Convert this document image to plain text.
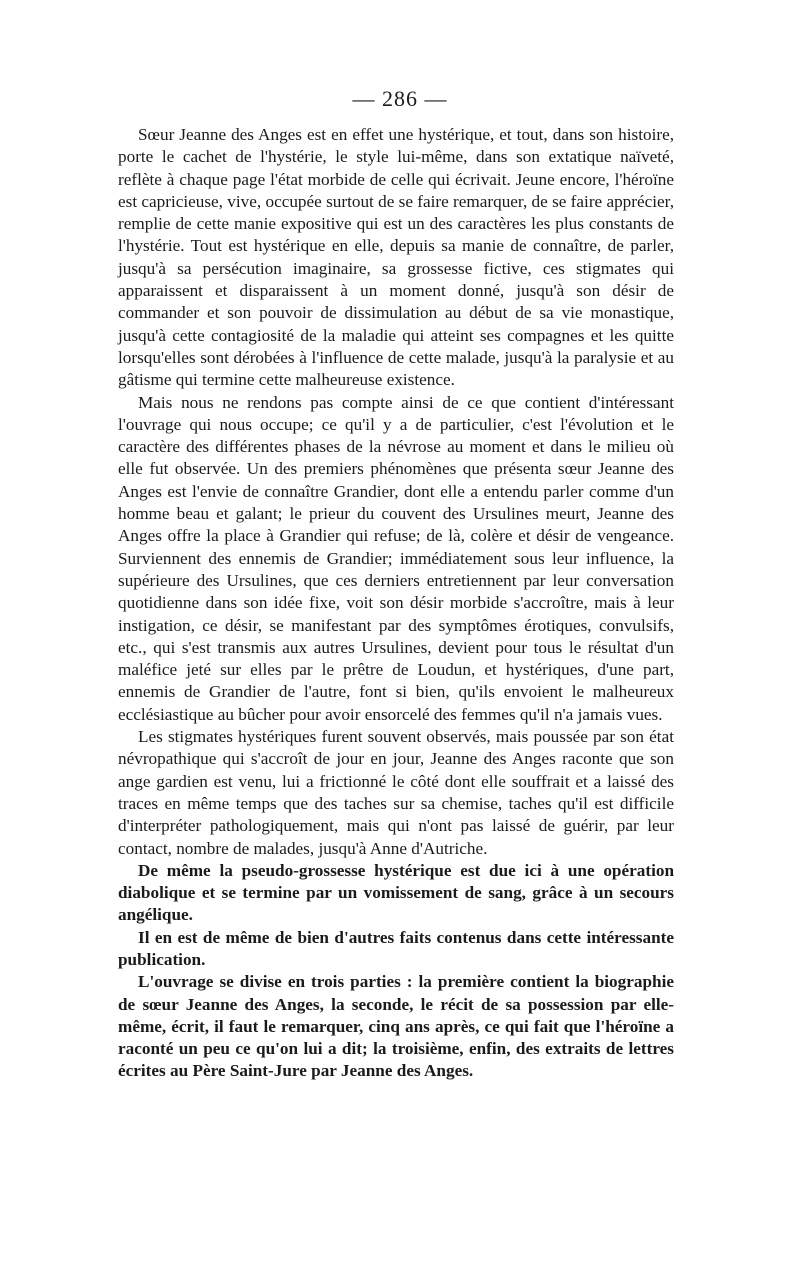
— 286 —

Sœur Jeanne des Anges est en effet une hystérique, et tout, dans son histoire, porte le cachet de l'hystérie, le style lui-même, dans son extatique naïveté, reflète à chaque page l'état morbide de celle qui écrivait. Jeune encore, l'héroïne est capricieuse, vive, occupée surtout de se faire remarquer, de se faire apprécier, remplie de cette manie expositive qui est un des caractères les plus constants de l'hystérie. Tout est hystérique en elle, depuis sa manie de connaître, de parler, jusqu'à sa persécution imaginaire, sa grossesse fictive, ces stigmates qui apparaissent et disparaissent à un moment donné, jusqu'à son désir de commander et son pouvoir de dissimulation au début de sa vie monastique, jusqu'à cette contagiosité de la maladie qui atteint ses compagnes et les quitte lorsqu'elles sont dérobées à l'influence de cette malade, jusqu'à la paralysie et au gâtisme qui termine cette malheureuse existence.

Mais nous ne rendons pas compte ainsi de ce que contient d'intéressant l'ouvrage qui nous occupe; ce qu'il y a de particulier, c'est l'évolution et le caractère des différentes phases de la névrose au moment et dans le milieu où elle fut observée. Un des premiers phénomènes que présenta sœur Jeanne des Anges est l'envie de connaître Grandier, dont elle a entendu parler comme d'un homme beau et galant; le prieur du couvent des Ursulines meurt, Jeanne des Anges offre la place à Grandier qui refuse; de là, colère et désir de vengeance. Surviennent des ennemis de Grandier; immédiatement sous leur influence, la supérieure des Ursulines, que ces derniers entretiennent par leur conversation quotidienne dans son idée fixe, voit son désir morbide s'accroître, mais à leur instigation, ce désir, se manifestant par des symptômes érotiques, convulsifs, etc., qui s'est transmis aux autres Ursulines, devient pour tous le résultat d'un maléfice jeté sur elles par le prêtre de Loudun, et hystériques, d'une part, ennemis de Grandier de l'autre, font si bien, qu'ils envoient le malheureux ecclésiastique au bûcher pour avoir ensorcelé des femmes qu'il n'a jamais vues.

Les stigmates hystériques furent souvent observés, mais poussée par son état névropathique qui s'accroît de jour en jour, Jeanne des Anges raconte que son ange gardien est venu, lui a frictionné le côté dont elle souffrait et a laissé des traces en même temps que des taches sur sa chemise, taches qu'il est difficile d'interpréter pathologiquement, mais qui n'ont pas laissé de guérir, par leur contact, nombre de malades, jusqu'à Anne d'Autriche.

De même la pseudo-grossesse hystérique est due ici à une opération diabolique et se termine par un vomissement de sang, grâce à un secours angélique.

Il en est de même de bien d'autres faits contenus dans cette intéressante publication.

L'ouvrage se divise en trois parties : la première contient la biographie de sœur Jeanne des Anges, la seconde, le récit de sa possession par elle-même, écrit, il faut le remarquer, cinq ans après, ce qui fait que l'héroïne a raconté un peu ce qu'on lui a dit; la troisième, enfin, des extraits de lettres écrites au Père Saint-Jure par Jeanne des Anges.
